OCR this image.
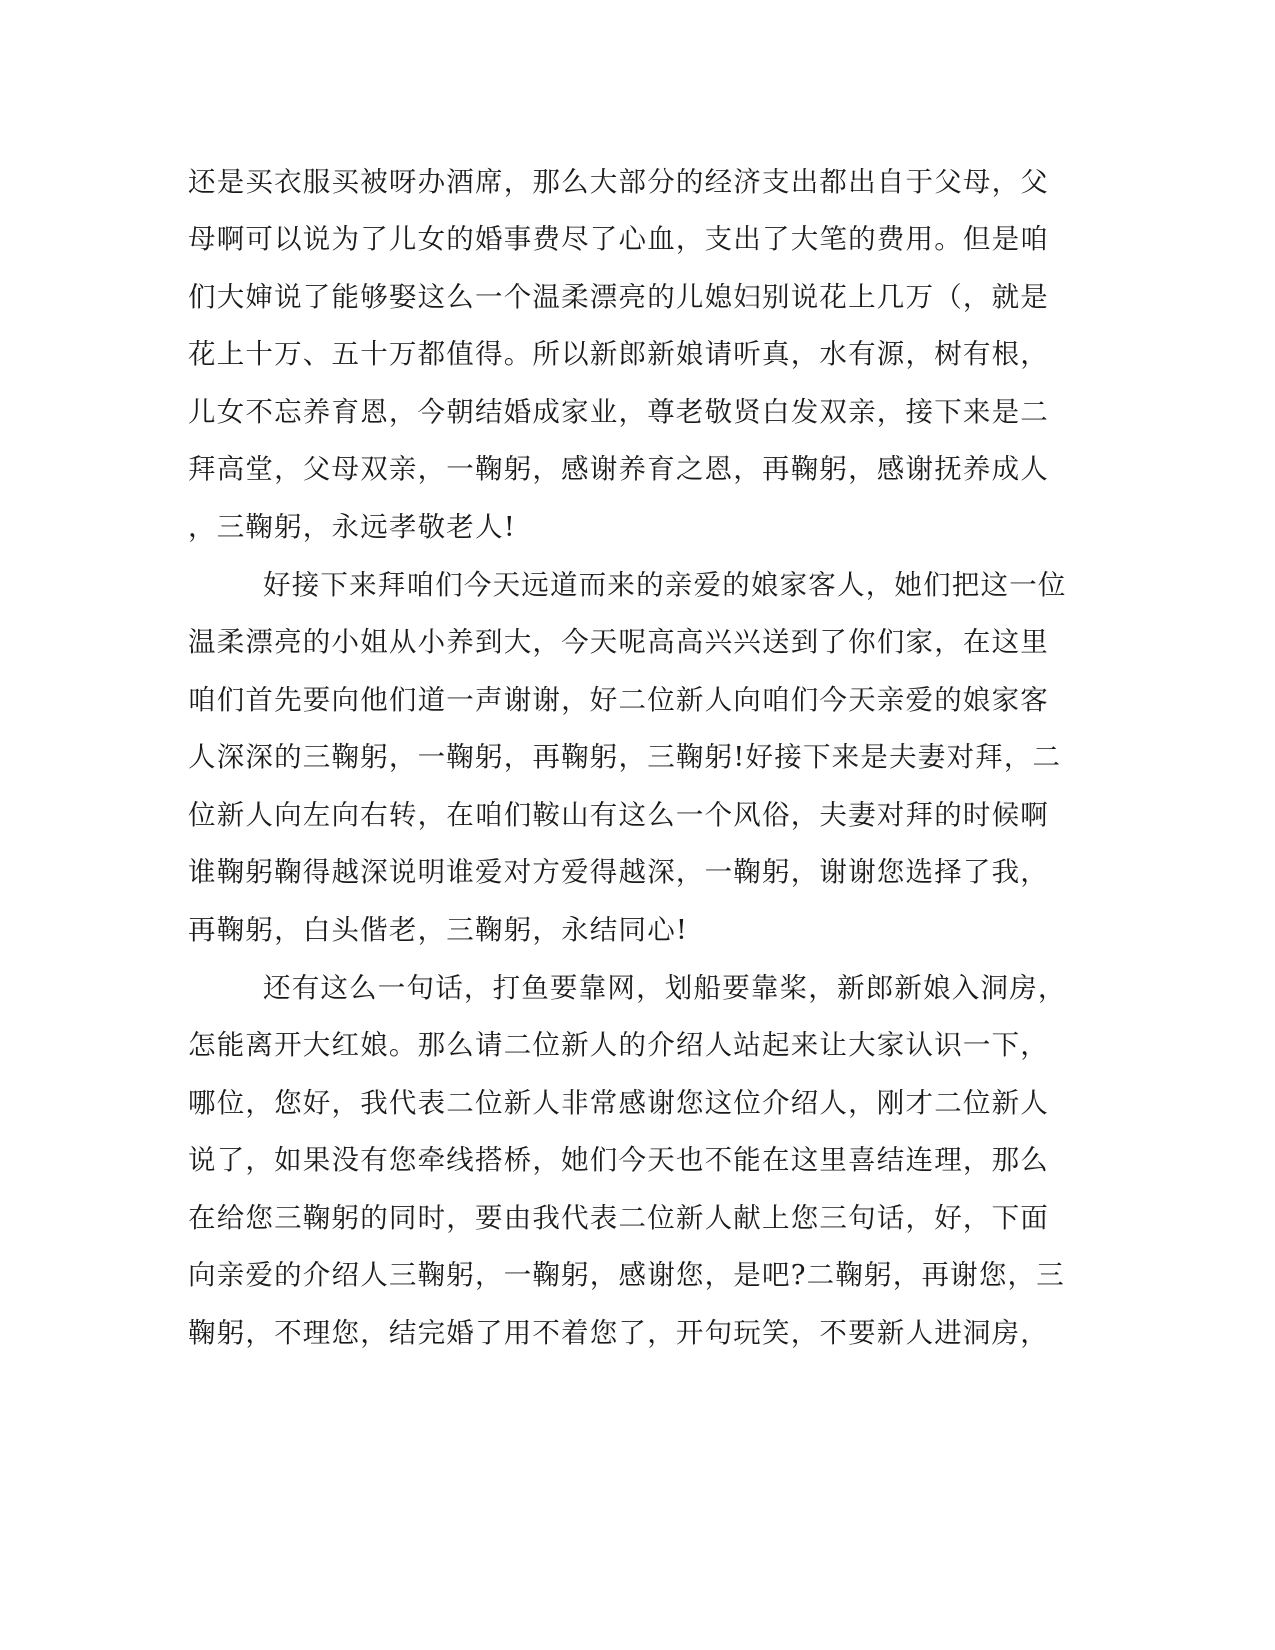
还是买衣服买被呀办酒席，那么大部分的经济支出都出自于父母，父
母啊可以说为了儿女的婚事费尽了心血，支出了大笔的费用。但是咱
们大婶说了能够娶这么一个温柔漂亮的儿媳妇别说花上几万（，就是
花上十万、五十万都值得。所以新郎新娘请听真，水有源，树有根，
儿女不忘养育恩，今朝结婚成家业，尊老敬贤白发双亲，接下来是二
拜高堂，父母双亲，一鞠躬，感谢养育之恩，再鞠躬，感谢抚养成人
，三鞠躬，永远孝敬老人!
好接下来拜咱们今天远道而来的亲爱的娘家客人，她们把这一位
温柔漂亮的小姐从小养到大，今天呢高高兴兴送到了你们家，在这里
咱们首先要向他们道一声谢谢，好二位新人向咱们今天亲爱的娘家客
人深深的三鞠躬，一鞠躬，再鞠躬，三鞠躬!好接下来是夫妻对拜，二
位新人向左向右转，在咱们鞍山有这么一个风俗，夫妻对拜的时候啊
谁鞠躬鞠得越深说明谁爱对方爱得越深，一鞠躬，谢谢您选择了我，
再鞠躬，白头偕老，三鞠躬，永结同心!
还有这么一句话，打鱼要靠网，划船要靠桨，新郎新娘入洞房，
怎能离开大红娘。那么请二位新人的介绍人站起来让大家认识一下，
哪位，您好，我代表二位新人非常感谢您这位介绍人，刚才二位新人
说了，如果没有您牵线搭桥，她们今天也不能在这里喜结连理，那么
在给您三鞠躬的同时，要由我代表二位新人献上您三句话，好，下面
向亲爱的介绍人三鞠躬，一鞠躬，感谢您，是吧?二鞠躬，再谢您，三
鞠躬，不理您，结完婚了用不着您了，开句玩笑，不要新人进洞房，
